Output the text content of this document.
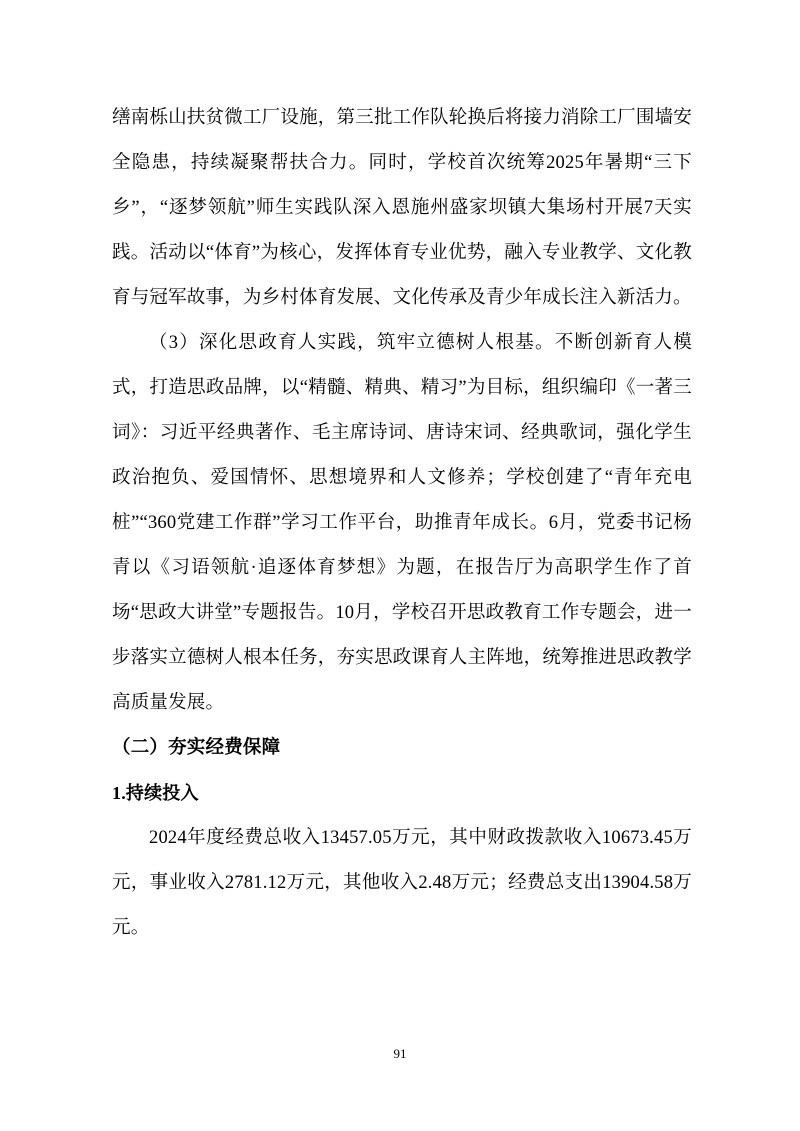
缮南栎山扶贫微工厂设施，第三批工作队轮换后将接力消除工厂围墙安全隐患，持续凝聚帮扶合力。同时，学校首次统筹2025年暑期“三下乡”，“逐梦领航”师生实践队深入恩施州盛家坝镇大集场村开展7天实践。活动以“体育”为核心，发挥体育专业优势，融入专业教学、文化教育与冠军故事，为乡村体育发展、文化传承及青少年成长注入新活力。

（3）深化思政育人实践，筑牢立德树人根基。不断创新育人模式，打造思政品牌，以“精髓、精典、精习”为目标，组织编印《一著三词》：习近平经典著作、毛主席诗词、唐诗宋词、经典歌词，强化学生政治抱负、爱国情怀、思想境界和人文修养；学校创建了“青年充电桩”“360党建工作群”学习工作平台，助推青年成长。6月，党委书记杨青以《习语领航·追逐体育梦想》为题，在报告厅为高职学生作了首场“思政大讲堂”专题报告。10月，学校召开思政教育工作专题会，进一步落实立德树人根本任务，夯实思政课育人主阵地，统筹推进思政教学高质量发展。

（二）夯实经费保障
1.持续投入

2024年度经费总收入13457.05万元，其中财政拨款收入10673.45万元，事业收入2781.12万元，其他收入2.48万元；经费总支出13904.58万元。

91
